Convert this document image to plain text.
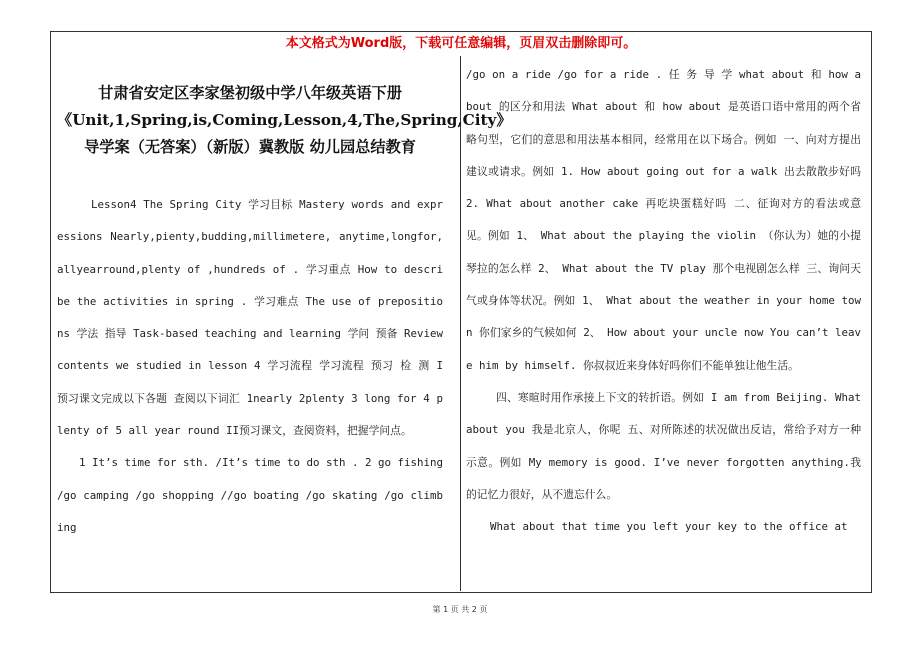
本文格式为Word版，下载可任意编辑，页眉双击删除即可。

甘肃省安定区李家堡初级中学八年级英语下册《Unit,1,Spring,is,Coming,Lesson,4,The,Spring,City》导学案（无答案）（新版）冀教版 幼儿园总结教育

Lesson4 The Spring City 学习目标 Mastery words and expressions Nearly,pienty,budding,millimetere, anytime,longfor,allyearround,plenty of ,hundreds of . 学习重点 How to describe the activities in spring . 学习难点 The use of prepositions 学法 指导 Task-based teaching and learning 学问 预备 Review contents we studied in lesson 4 学习流程 学习流程 预习 检 测 I 预习课文完成以下各题 查阅以下词汇 1nearly 2plenty 3 long for 4 plenty of 5 all year round II预习课文，查阅资料，把握学问点。

1 It’s time for sth. /It’s time to do sth . 2 go fishing /go camping /go shopping //go boating /go skating /go climbing

/go on a ride /go for a ride . 任 务 导 学 what about 和 how about 的区分和用法 What about 和 how about 是英语口语中常用的两个省略句型，它们的意思和用法基本相同，经常用在以下场合。例如 一、向对方提出建议或请求。例如 1. How about going out for a walk 出去散散步好吗 2. What about another cake 再吃块蛋糕好吗 二、征询对方的看法或意见。例如 1、 What about the playing the violin （你认为）她的小提琴拉的怎么样 2、 What about the TV play 那个电视剧怎么样 三、询问天气或身体等状况。例如 1、 What about the weather in your home town 你们家乡的气候如何 2、 How about your uncle now You can’t leave him by himself. 你叔叔近来身体好吗你们不能单独让他生活。

四、寒暄时用作承接上下文的转折语。例如 I am from Beijing. What about you 我是北京人，你呢 五、对所陈述的状况做出反诘，常给予对方一种示意。例如 My memory is good. I’ve never forgotten anything.我的记忆力很好，从不遗忘什么。

What about that time you left your key to the office at

第 1 页 共 2 页
